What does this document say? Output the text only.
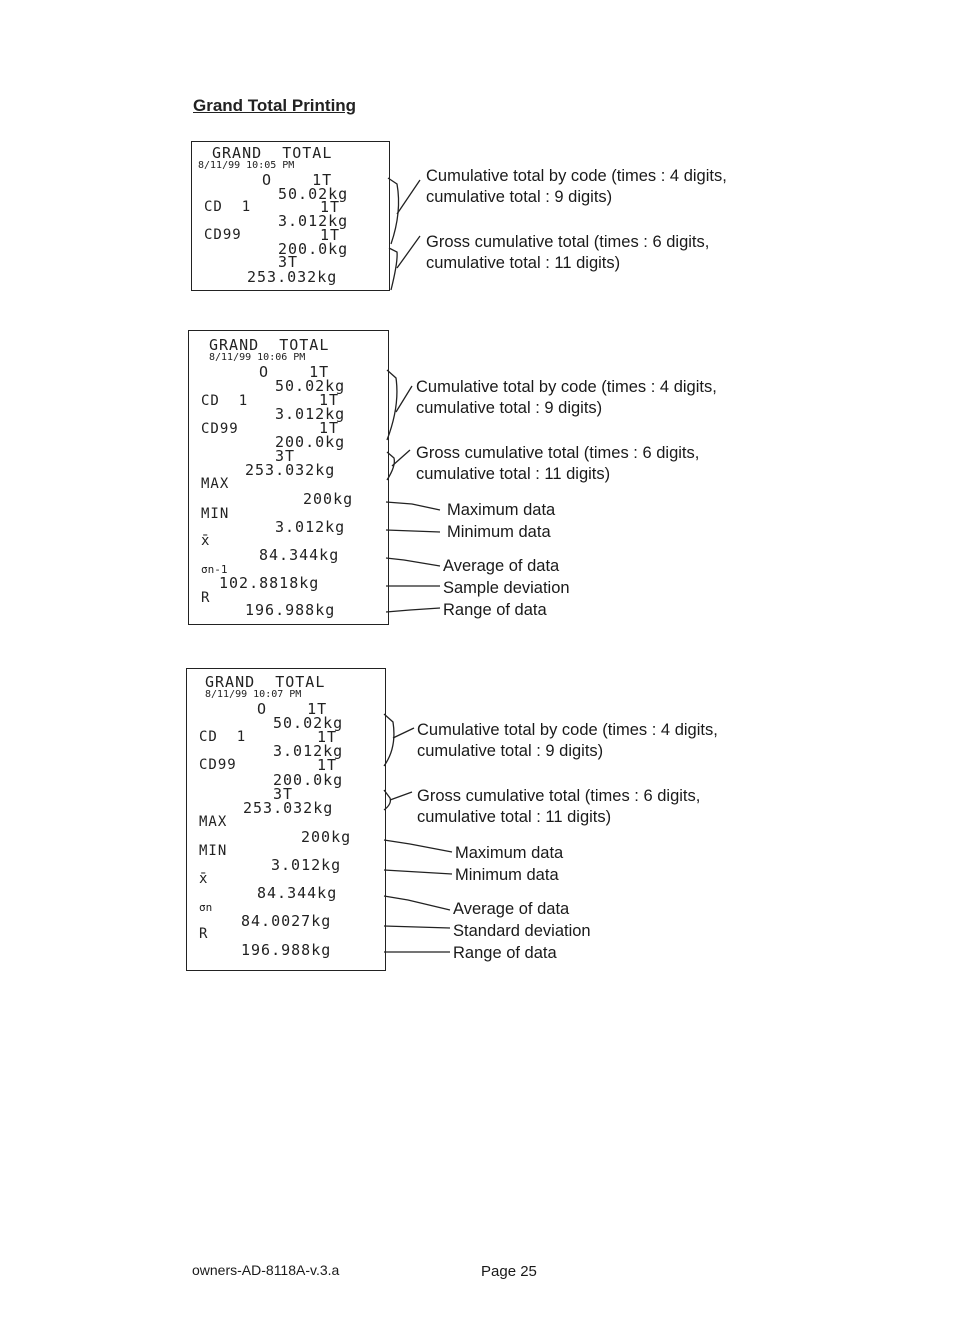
Grand Total Printing
GRAND  TOTAL
8/11/99 10:05 PM
O    1T
50.02kg
CD  1	1T
3.012kg
CD99	1T
200.0kg
3T
253.032kg
Cumulative total by code (times : 4 digits,
cumulative total : 9 digits)
Gross cumulative total (times : 6 digits,
cumulative total : 11 digits)
GRAND  TOTAL
8/11/99 10:06 PM
O    1T
50.02kg
CD  1	1T
3.012kg
CD99	1T
200.0kg
3T
253.032kg
MAX
200kg
MIN
3.012kg
x̄
84.344kg
σn-1
102.8818kg
R
196.988kg
Cumulative total by code (times : 4 digits,
cumulative total : 9 digits)
Gross cumulative total (times : 6 digits,
cumulative total : 11 digits)
Maximum data
Minimum data
Average of data
Sample deviation
Range of data
GRAND  TOTAL
8/11/99 10:07 PM
O    1T
50.02kg
CD  1	1T
3.012kg
CD99	1T
200.0kg
3T
253.032kg
MAX
200kg
MIN
3.012kg
x̄
84.344kg
σn
84.0027kg
R
196.988kg
Cumulative total by code (times : 4 digits,
cumulative total : 9 digits)
Gross cumulative total (times : 6 digits,
cumulative total : 11 digits)
Maximum data
Minimum data
Average of data
Standard deviation
Range of data
owners-AD-8118A-v.3.a	Page 25
